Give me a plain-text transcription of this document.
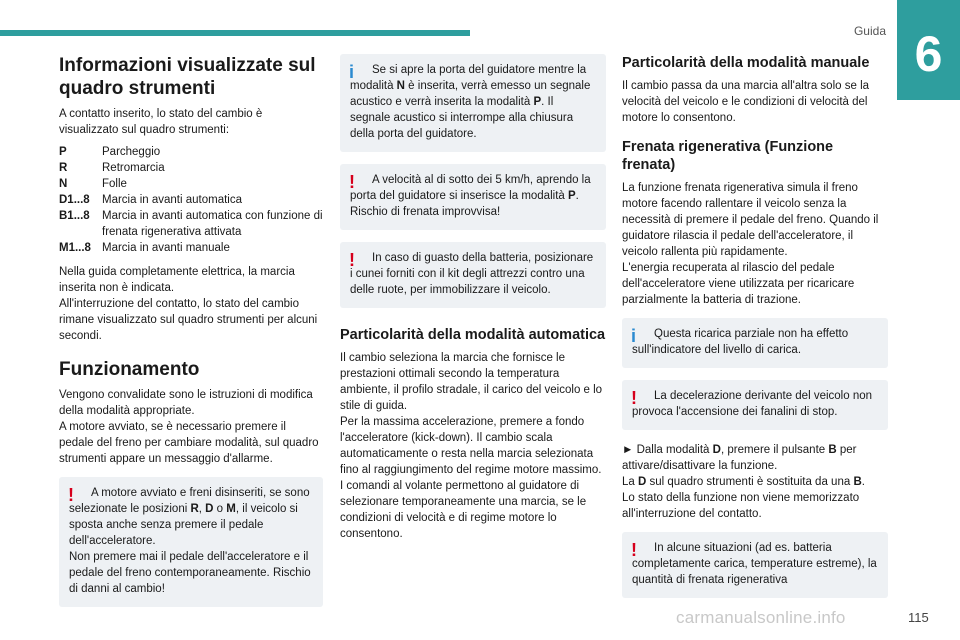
Guida 6
Informazioni visualizzate sul quadro strumenti

A contatto inserito, lo stato del cambio è visualizzato sul quadro strumenti:

P	Parcheggio
R	Retromarcia
N	Folle
D1...8	Marcia in avanti automatica
B1...8	Marcia in avanti automatica con funzione di frenata rigenerativa attivata
M1...8 Marcia in avanti manuale

Nella guida completamente elettrica, la marcia inserita non è indicata.

All'interruzione del contatto, lo stato del cambio rimane visualizzato sul quadro strumenti per alcuni secondi.

Funzionamento

Vengono convalidate sono le istruzioni di modifica della modalità appropriate.

A motore avviato, se è necessario premere il pedale del freno per cambiare modalità, sul quadro strumenti appare un messaggio d'allarme.

!	A motore avviato e freni disinseriti, se sono selezionate le posizioni R, D o M, il veicolo si sposta anche senza premere il pedale dell'acceleratore.
Non premere mai il pedale dell'acceleratore e il pedale del freno contemporaneamente. Rischio di danni al cambio!
i	Se si apre la porta del guidatore mentre la modalità N è inserita, verrà emesso un segnale acustico e verrà inserita la modalità P. Il segnale acustico si interrompe alla chiusura della porta del guidatore.
!	A velocità al di sotto dei 5 km/h, aprendo la porta del guidatore si inserisce la modalità P. Rischio di frenata improvvisa!
!	In caso di guasto della batteria, posizionare i cunei forniti con il kit degli attrezzi contro una delle ruote, per immobilizzare il veicolo.
Particolarità della modalità automatica

Il cambio seleziona la marcia che fornisce le prestazioni ottimali secondo la temperatura ambiente, il profilo stradale, il carico del veicolo e lo stile di guida.

Per la massima accelerazione, premere a fondo l'acceleratore (kick-down). Il cambio scala automaticamente o resta nella marcia selezionata fino al raggiungimento del regime motore massimo.

I comandi al volante permettono al guidatore di selezionare temporaneamente una marcia, se le condizioni di velocità e di regime motore lo consentono.

Particolarità della modalità manuale

Il cambio passa da una marcia all'altra solo se la velocità del veicolo e le condizioni di velocità del motore lo consentono.

Frenata rigenerativa (Funzione frenata)

La funzione frenata rigenerativa simula il freno motore facendo rallentare il veicolo senza la necessità di premere il pedale del freno. Quando il guidatore rilascia il pedale dell'acceleratore, il veicolo rallenta più rapidamente.

L'energia recuperata al rilascio del pedale dell'acceleratore viene utilizzata per ricaricare parzialmente la batteria di trazione.

i	Questa ricarica parziale non ha effetto sull'indicatore del livello di carica.
!	La decelerazione derivante del veicolo non provoca l'accensione dei fanalini di stop.

► Dalla modalità D, premere il pulsante B per attivare/disattivare la funzione.

La D sul quadro strumenti è sostituita da una B.

Lo stato della funzione non viene memorizzato all'interruzione del contatto.

!	In alcune situazioni (ad es. batteria completamente carica, temperature estreme), la quantità di frenata rigenerativa
carmanualsonline.info	115
